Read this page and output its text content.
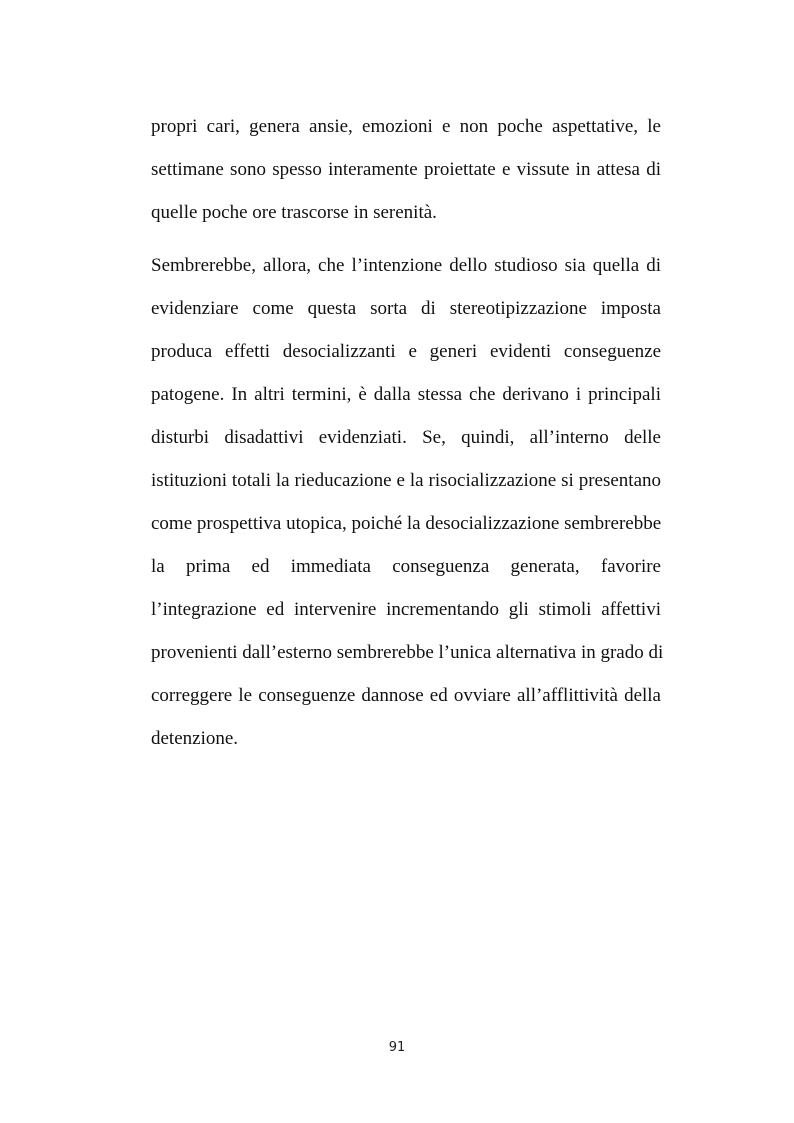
propri cari, genera ansie, emozioni e non poche aspettative, le
settimane sono spesso interamente proiettate e vissute in attesa di
quelle poche ore trascorse in serenità.
Sembrerebbe, allora, che l’intenzione dello studioso sia quella di
evidenziare come questa sorta di stereotipizzazione imposta
produca effetti desocializzanti e generi evidenti conseguenze
patogene. In altri termini, è dalla stessa che derivano i principali
disturbi disadattivi evidenziati. Se, quindi, all’interno delle
istituzioni totali la rieducazione e la risocializzazione si presentano
come prospettiva utopica, poiché la desocializzazione sembrerebbe
la prima ed immediata conseguenza generata, favorire
l’integrazione ed intervenire incrementando gli stimoli affettivi
provenienti dall’esterno sembrerebbe l’unica alternativa in grado di
correggere le conseguenze dannose ed ovviare all’afflittività della
detenzione.
91
